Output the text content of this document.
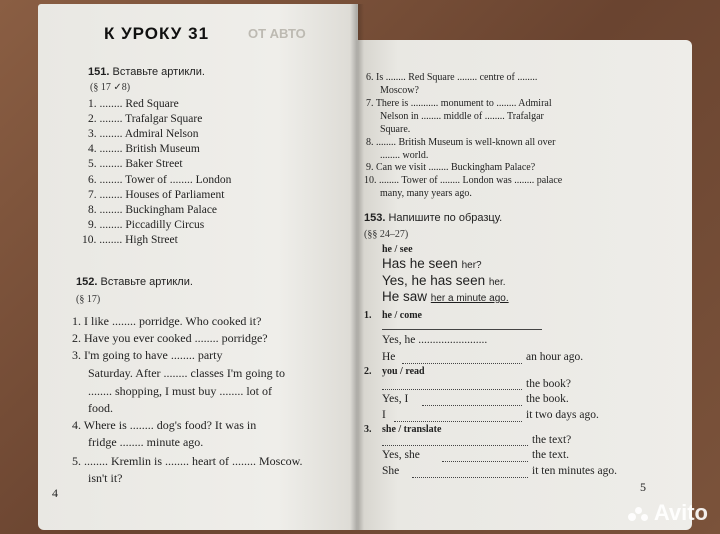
ОТ АВТО
К УРОКУ 31
151. Вставьте артикли.
(§ 17 ✓8)
1. ........ Red Square
2. ........ Trafalgar Square
3. ........ Admiral Nelson
4. ........ British Museum
5. ........ Baker Street
6. ........ Tower of ........ London
7. ........ Houses of Parliament
8. ........ Buckingham Palace
9. ........ Piccadilly Circus
10. ........ High Street
152. Вставьте артикли.
(§ 17)
1. I like ........ porridge. Who cooked it?
2. Have you ever cooked ........ porridge?
3. I'm going to have ........ party
Saturday. After ........ classes I'm going to
........ shopping, I must buy ........ lot of
food.
4. Where is ........ dog's food? It was in
fridge ........ minute ago.
5. ........ Kremlin is ........ heart of ........ Moscow.
isn't it?
4
6. Is ........ Red Square ........ centre of ........
Moscow?
7. There is ........... monument to ........ Admiral
Nelson in ........ middle of ........ Trafalgar
Square.
8. ........ British Museum is well-known all over
........ world.
9. Can we visit ........ Buckingham Palace?
10. ........ Tower of ........ London was ........ palace
many, many years ago.
153. Напишите по образцу.
(§§ 24–27)
he / see
Has he seen her?
Yes, he has seen her.
He saw her a minute ago.
1. he / come
Yes, he ........................
He	an hour ago.
2. you / read
the book?
Yes, I	the book.
I	it two days ago.
3. she / translate
the text?
Yes, she	the text.
She	it ten minutes ago.
5
Avito
